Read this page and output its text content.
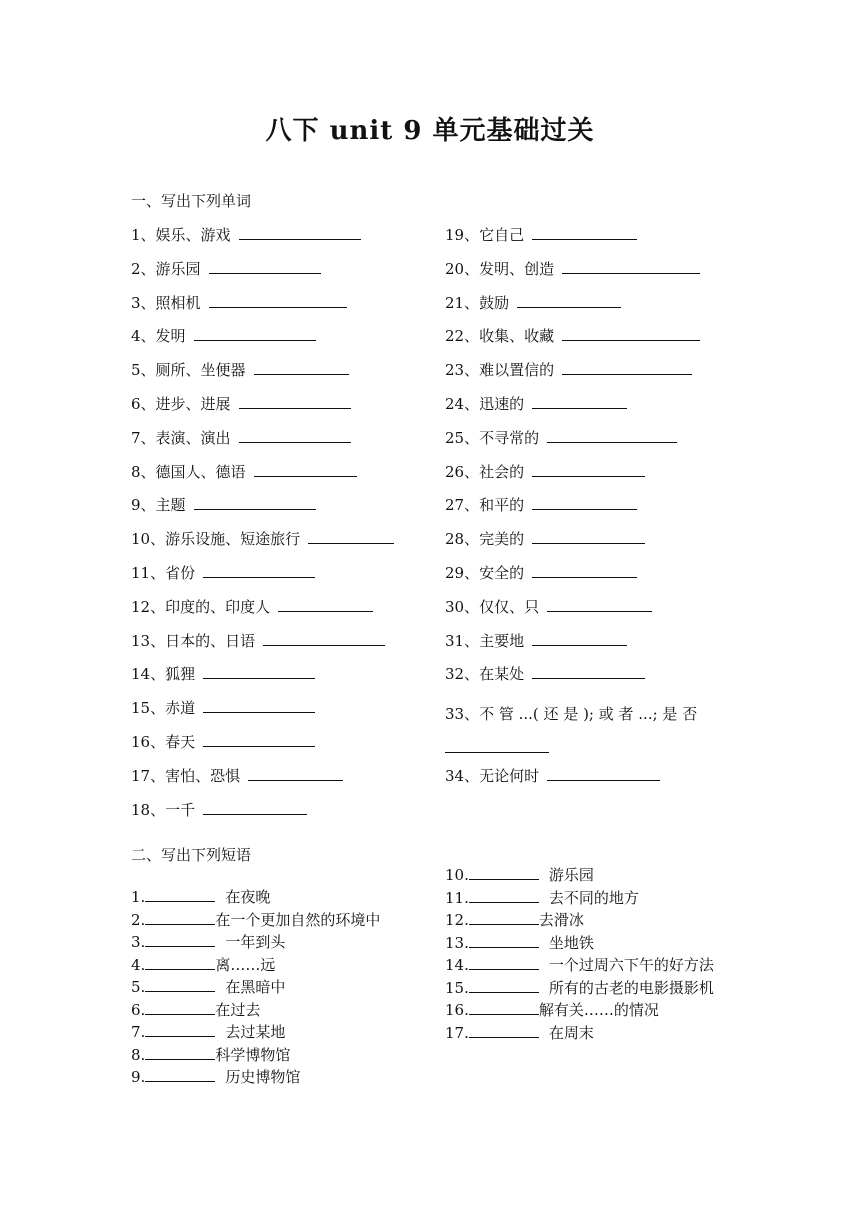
八下 unit 9 单元基础过关
一、写出下列单词
1、娱乐、游戏
2、游乐园
3、照相机
4、发明
5、厕所、坐便器
6、进步、进展
7、表演、演出
8、德国人、德语
9、主题
10、游乐设施、短途旅行
11、省份
12、印度的、印度人
13、日本的、日语
14、狐狸
15、赤道
16、春天
17、害怕、恐惧
18、一千
19、它自己
20、发明、创造
21、鼓励
22、收集、收藏
23、难以置信的
24、迅速的
25、不寻常的
26、社会的
27、和平的
28、完美的
29、安全的
30、仅仅、只
31、主要地
32、在某处
33、不 管 ...( 还 是 ); 或 者 ...; 是 否

34、无论何时
二、写出下列短语
1.	在夜晚
2.	在一个更加自然的环境中
3.	一年到头
4.	离……远
5.	在黑暗中
6.	在过去
7.	去过某地
8.	科学博物馆
9.	历史博物馆
10.	游乐园
11.	去不同的地方
12.	去滑冰
13.	坐地铁
14.	一个过周六下午的好方法
15.	所有的古老的电影摄影机
16.	解有关……的情况
17.	在周末
